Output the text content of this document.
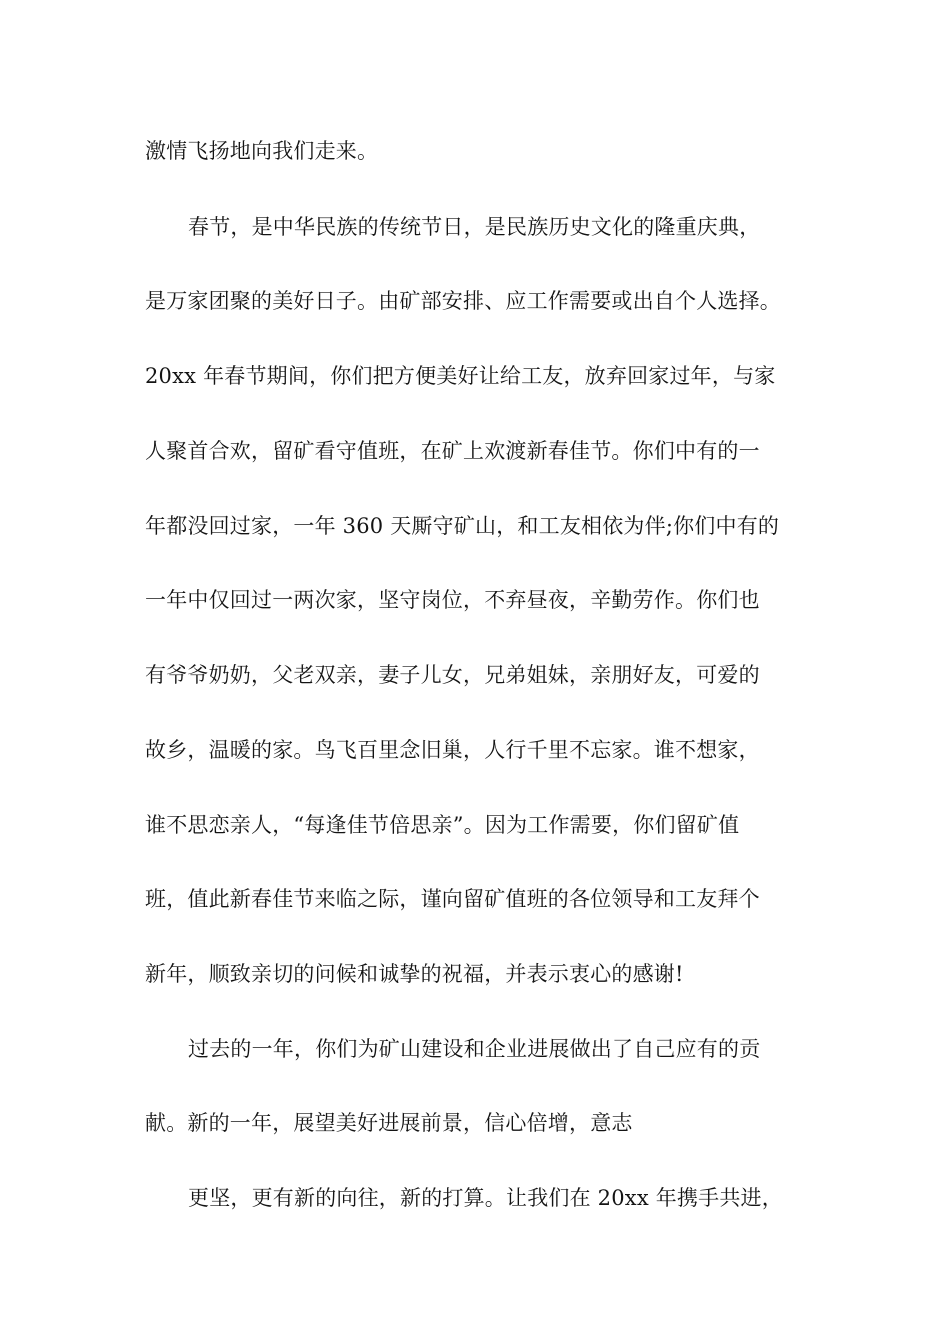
激情飞扬地向我们走来。
春节，是中华民族的传统节日，是民族历史文化的隆重庆典，
是万家团聚的美好日子。由矿部安排、应工作需要或出自个人选择。
20xx 年春节期间，你们把方便美好让给工友，放弃回家过年，与家
人聚首合欢，留矿看守值班，在矿上欢渡新春佳节。你们中有的一
年都没回过家，一年 360 天厮守矿山，和工友相依为伴;你们中有的
一年中仅回过一两次家，坚守岗位，不弃昼夜，辛勤劳作。你们也
有爷爷奶奶，父老双亲，妻子儿女，兄弟姐妹，亲朋好友，可爱的
故乡，温暖的家。鸟飞百里念旧巢，人行千里不忘家。谁不想家，
谁不思恋亲人，“每逢佳节倍思亲”。因为工作需要，你们留矿值
班，值此新春佳节来临之际，谨向留矿值班的各位领导和工友拜个
新年，顺致亲切的问候和诚挚的祝福，并表示衷心的感谢!
过去的一年，你们为矿山建设和企业进展做出了自己应有的贡
献。新的一年，展望美好进展前景，信心倍增，意志
更坚，更有新的向往，新的打算。让我们在 20xx 年携手共进，
